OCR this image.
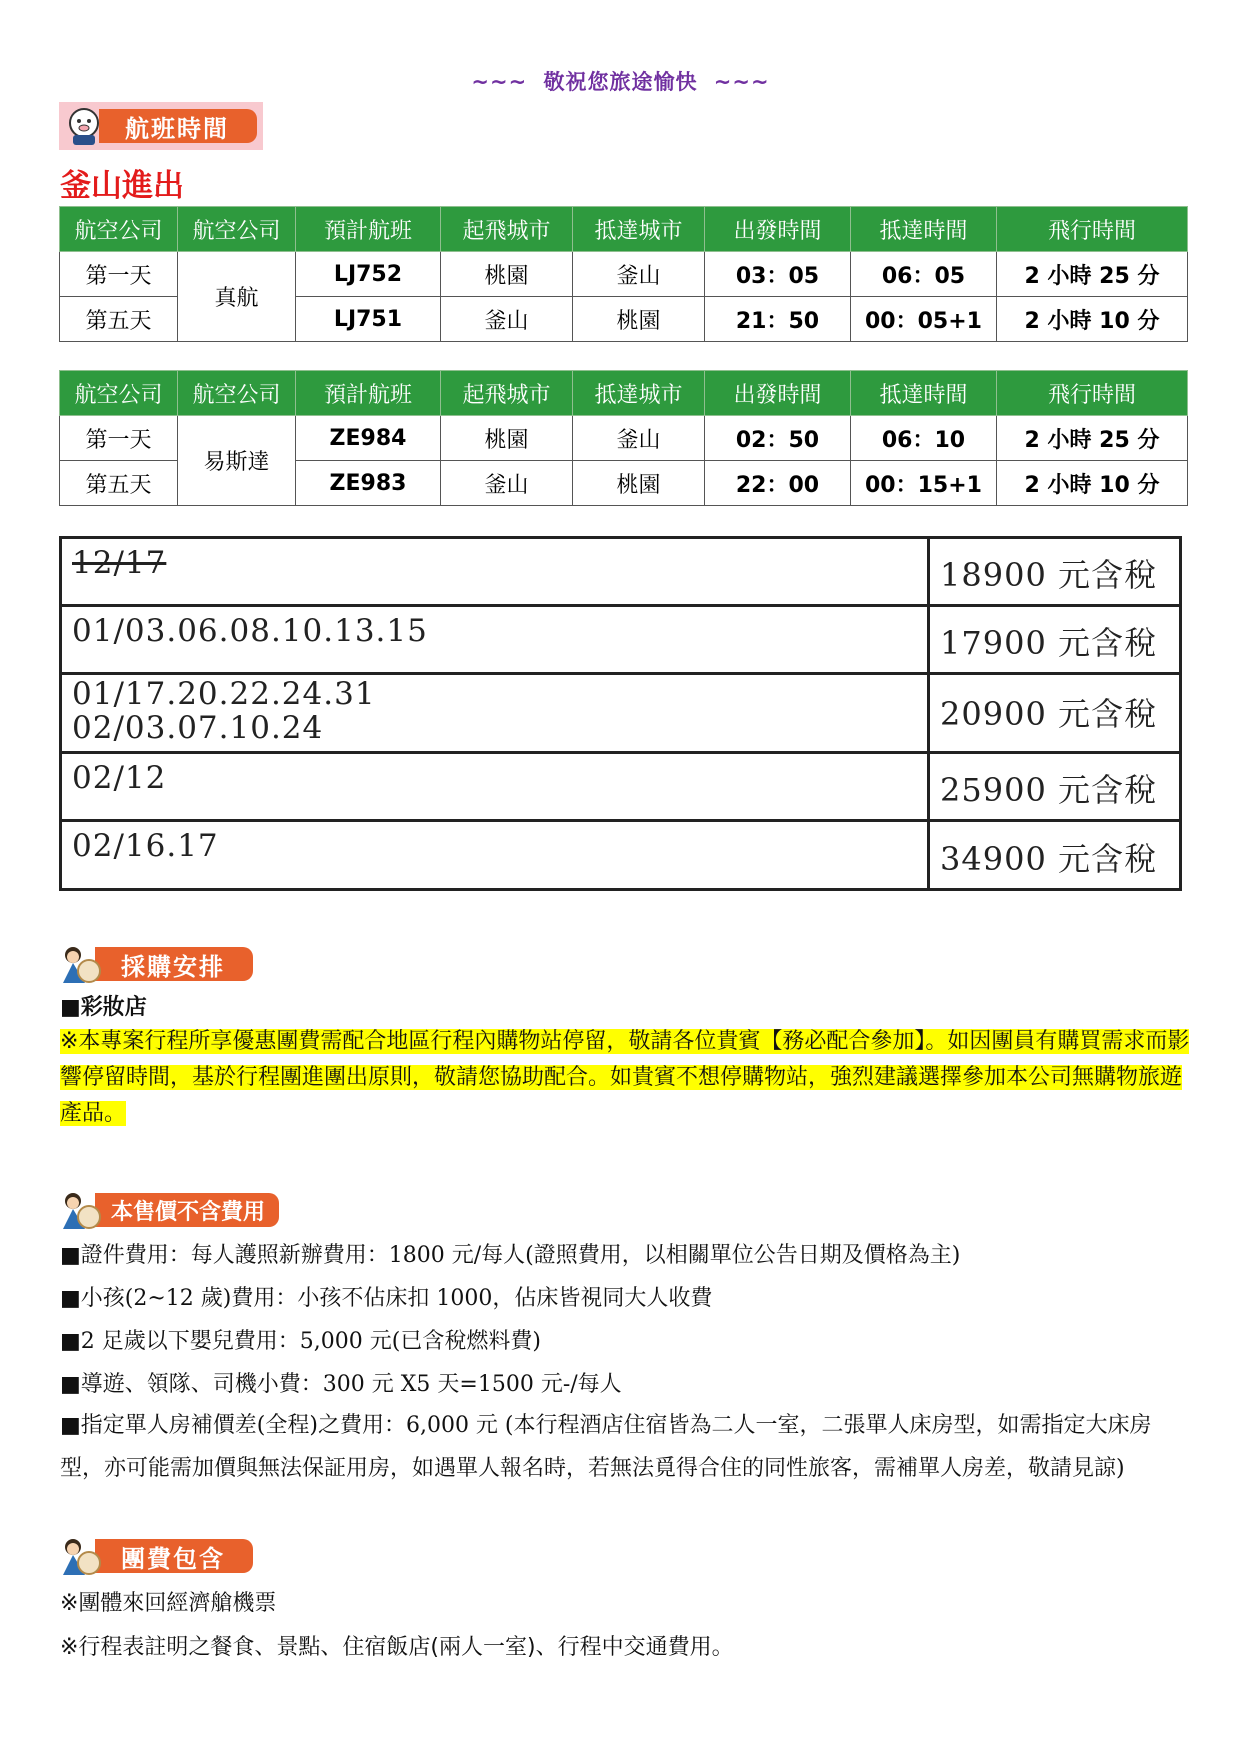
~~~ 敬祝您旅途愉快 ~~~
航班時間
釜山進出
航空公司	航空公司	預計航班	起飛城市	抵達城市	出發時間	抵達時間	飛行時間
第一天	真航	LJ752	桃園	釜山	03：05	06：05	2 小時 25 分
第五天		LJ751	釜山	桃園	21：50	00：05+1	2 小時 10 分
航空公司	航空公司	預計航班	起飛城市	抵達城市	出發時間	抵達時間	飛行時間
第一天	易斯達	ZE984	桃園	釜山	02：50	06：10	2 小時 25 分
第五天		ZE983	釜山	桃園	22：00	00：15+1	2 小時 10 分
12/17	18900 元含稅
01/03.06.08.10.13.15	17900 元含稅

01/17.20.22.24.31
02/03.07.10.24	20900 元含稅
02/12	25900 元含稅
02/16.17	34900 元含稅
採購安排
■彩妝店
※本專案行程所享優惠團費需配合地區行程內購物站停留，敬請各位貴賓【務必配合參加】。如因團員有購買需求而影響停留時間，基於行程團進團出原則，敬請您協助配合。如貴賓不想停購物站，強烈建議選擇參加本公司無購物旅遊產品。
本售價不含費用
■證件費用：每人護照新辦費用：1800 元/每人(證照費用，以相關單位公告日期及價格為主)
■小孩(2~12 歲)費用：小孩不佔床扣 1000，佔床皆視同大人收費
■2 足歲以下嬰兒費用：5,000 元(已含稅燃料費)
■導遊、領隊、司機小費：300 元 X5 天=1500 元-/每人
■指定單人房補價差(全程)之費用：6,000 元 (本行程酒店住宿皆為二人一室，二張單人床房型，如需指定大床房型，亦可能需加價與無法保証用房，如遇單人報名時，若無法覓得合住的同性旅客，需補單人房差，敬請見諒)
團費包含
※團體來回經濟艙機票
※行程表註明之餐食、景點、住宿飯店(兩人一室)、行程中交通費用。
